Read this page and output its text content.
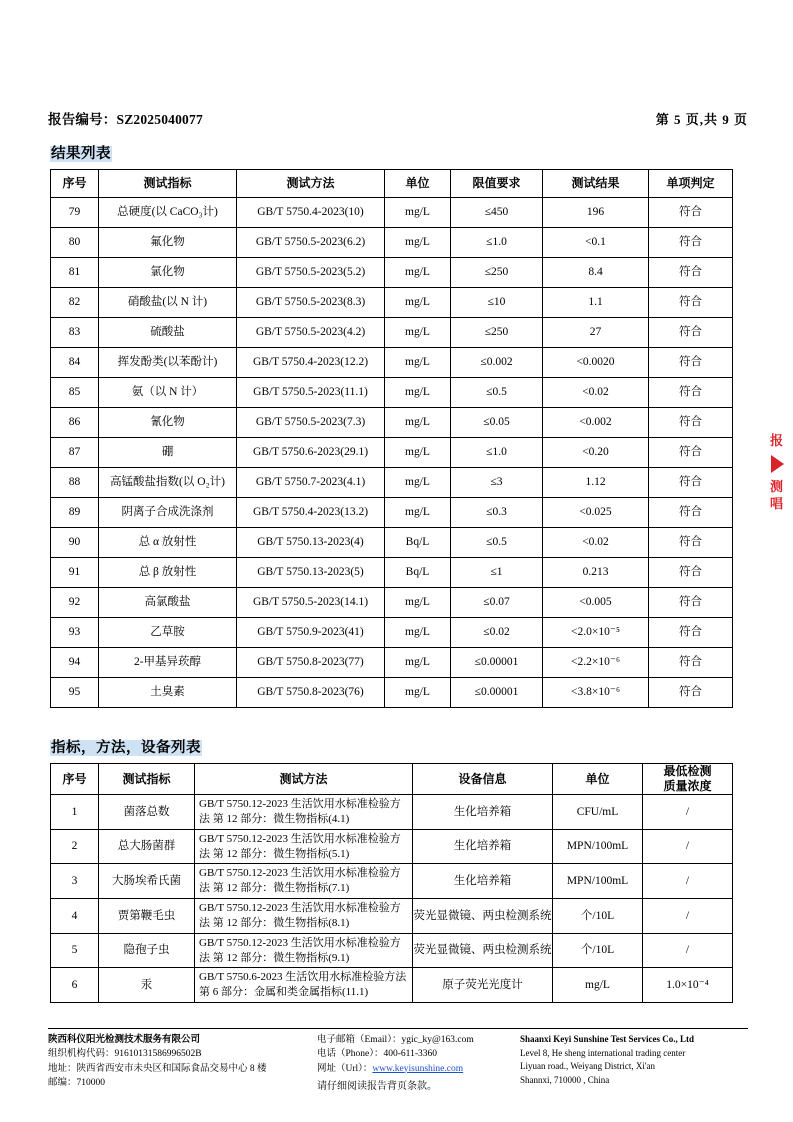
报告编号：SZ2025040077	第 5 页,共 9 页
结果列表
序号	测试指标	测试方法	单位	限值要求	测试结果	单项判定
79	总硬度(以 CaCO₃计)	GB/T 5750.4-2023(10)	mg/L	≤450	196	符合
80	氟化物	GB/T 5750.5-2023(6.2)	mg/L	≤1.0	<0.1	符合
81	氯化物	GB/T 5750.5-2023(5.2)	mg/L	≤250	8.4	符合
82	硝酸盐(以 N 计)	GB/T 5750.5-2023(8.3)	mg/L	≤10	1.1	符合
83	硫酸盐	GB/T 5750.5-2023(4.2)	mg/L	≤250	27	符合
84	挥发酚类(以苯酚计)	GB/T 5750.4-2023(12.2)	mg/L	≤0.002	<0.0020	符合
85	氨（以 N 计）	GB/T 5750.5-2023(11.1)	mg/L	≤0.5	<0.02	符合
86	氰化物	GB/T 5750.5-2023(7.3)	mg/L	≤0.05	<0.002	符合
87	硼	GB/T 5750.6-2023(29.1)	mg/L	≤1.0	<0.20	符合
88	高锰酸盐指数(以 O₂计)	GB/T 5750.7-2023(4.1)	mg/L	≤3	1.12	符合
89	阴离子合成洗涤剂	GB/T 5750.4-2023(13.2)	mg/L	≤0.3	<0.025	符合
90	总 α 放射性	GB/T 5750.13-2023(4)	Bq/L	≤0.5	<0.02	符合
91	总 β 放射性	GB/T 5750.13-2023(5)	Bq/L	≤1	0.213	符合
92	高氯酸盐	GB/T 5750.5-2023(14.1)	mg/L	≤0.07	<0.005	符合
93	乙草胺	GB/T 5750.9-2023(41)	mg/L	≤0.02	<2.0×10⁻⁵	符合
94	2-甲基异莰醇	GB/T 5750.8-2023(77)	mg/L	≤0.00001	<2.2×10⁻⁶	符合
95	土臭素	GB/T 5750.8-2023(76)	mg/L	≤0.00001	<3.8×10⁻⁶	符合
指标，方法，设备列表
序号	测试指标	测试方法	设备信息	单位	最低检测
质量浓度

1	菌落总数	GB/T 5750.12-2023 生活饮用水标准检验方法 第 12 部分：微生物指标(4.1)	生化培养箱	CFU/mL	/
2	总大肠菌群	GB/T 5750.12-2023 生活饮用水标准检验方法 第 12 部分：微生物指标(5.1)	生化培养箱	MPN/100mL	/
3	大肠埃希氏菌	GB/T 5750.12-2023 生活饮用水标准检验方法 第 12 部分：微生物指标(7.1)	生化培养箱	MPN/100mL	/
4	贾第鞭毛虫	GB/T 5750.12-2023 生活饮用水标准检验方法 第 12 部分：微生物指标(8.1)	荧光显微镜、两虫检测系统	个/10L	/
5	隐孢子虫	GB/T 5750.12-2023 生活饮用水标准检验方法 第 12 部分：微生物指标(9.1)	荧光显微镜、两虫检测系统	个/10L	/
6	汞	GB/T 5750.6-2023 生活饮用水标准检验方法 第 6 部分：金属和类金属指标(11.1)	原子荧光光度计	mg/L	1.0×10⁻⁴
报
测
唱
陕西科仪阳光检测技术服务有限公司
组织机构代码：91610131586996502B
地址：陕西省西安市未央区和国际食品交易中心 8 楼
邮编：710000
电子邮箱（Email）：ygic_ky@163.com
电话（Phone）：400-611-3360
网址（Url）：www.keyisunshine.com
请仔细阅读报告背页条款。
Shaanxi Keyi Sunshine Test Services Co., Ltd
Level 8, He sheng international trading center
Liyuan road., Weiyang District, Xi'an
Shannxi, 710000 , China
